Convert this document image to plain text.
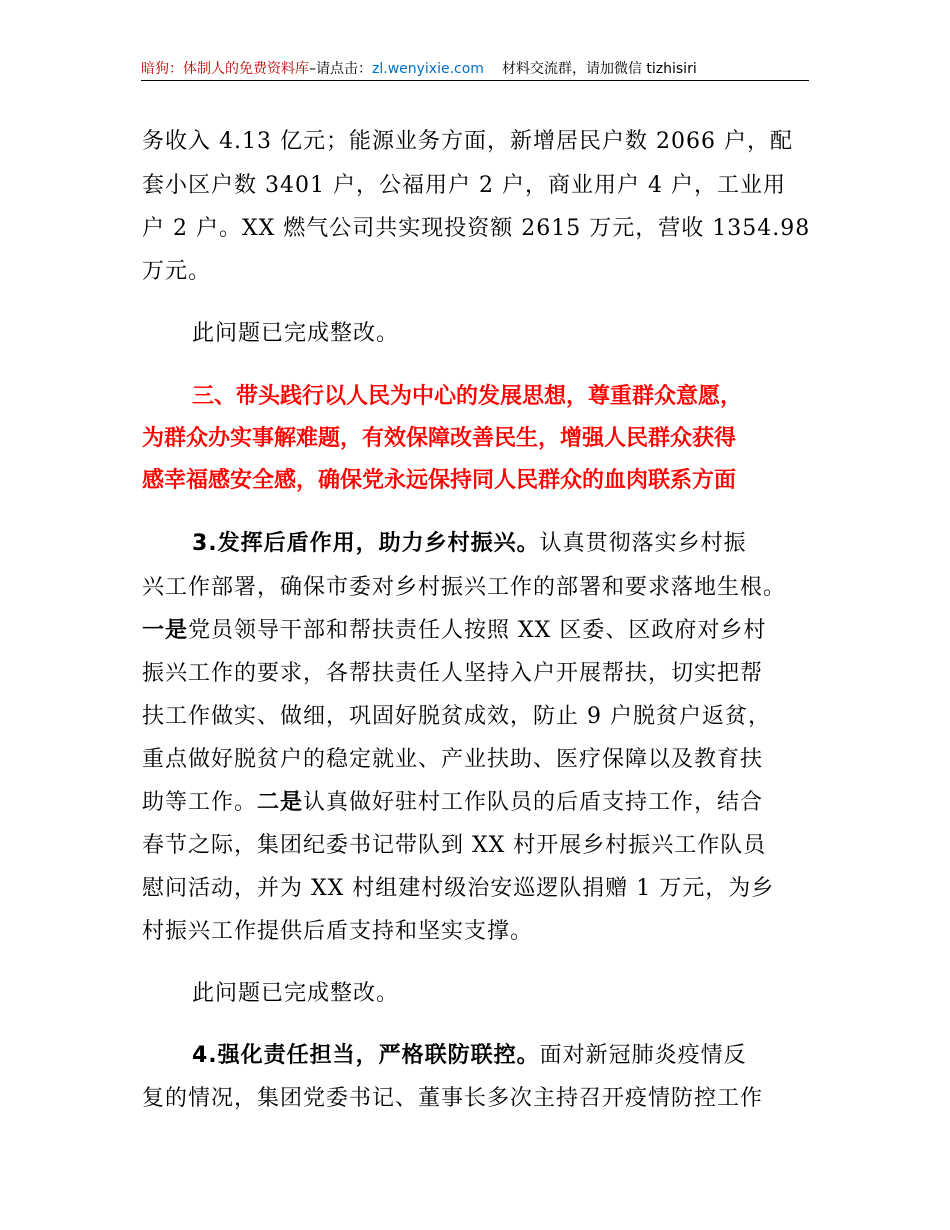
暗狗：体制人的免费资料库–请点击：zl.wenyixie.com 材料交流群，请加微信 tizhisiri
务收入 4.13 亿元；能源业务方面，新增居民户数 2066 户，配
套小区户数 3401 户，公福用户 2 户，商业用户 4 户，工业用
户 2 户。XX 燃气公司共实现投资额 2615 万元，营收 1354.98
万元。
此问题已完成整改。
三、带头践行以人民为中心的发展思想，尊重群众意愿，
为群众办实事解难题，有效保障改善民生，增强人民群众获得
感幸福感安全感，确保党永远保持同人民群众的血肉联系方面
3.发挥后盾作用，助力乡村振兴。认真贯彻落实乡村振
兴工作部署，确保市委对乡村振兴工作的部署和要求落地生根。
一是党员领导干部和帮扶责任人按照 XX 区委、区政府对乡村
振兴工作的要求，各帮扶责任人坚持入户开展帮扶，切实把帮
扶工作做实、做细，巩固好脱贫成效，防止 9 户脱贫户返贫，
重点做好脱贫户的稳定就业、产业扶助、医疗保障以及教育扶
助等工作。二是认真做好驻村工作队员的后盾支持工作，结合
春节之际，集团纪委书记带队到 XX 村开展乡村振兴工作队员
慰问活动，并为 XX 村组建村级治安巡逻队捐赠 1 万元，为乡
村振兴工作提供后盾支持和坚实支撑。
此问题已完成整改。
4.强化责任担当，严格联防联控。面对新冠肺炎疫情反
复的情况，集团党委书记、董事长多次主持召开疫情防控工作
